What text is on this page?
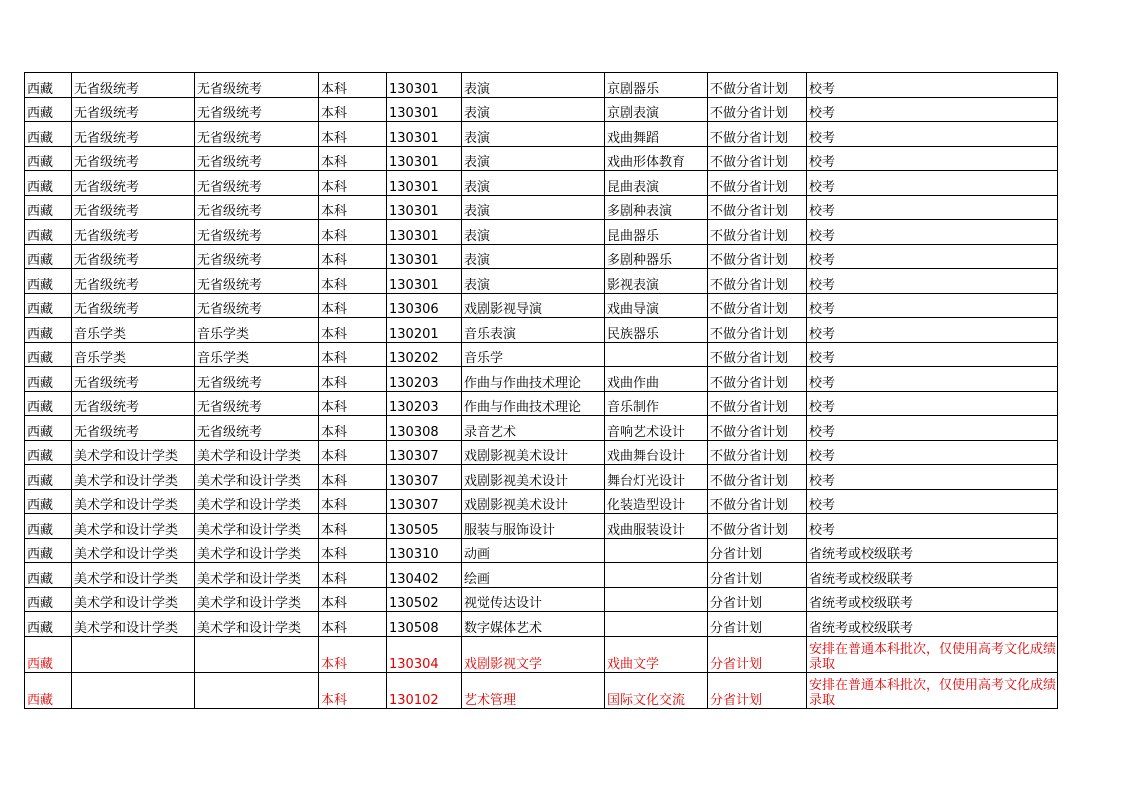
西藏	无省级统考	无省级统考	本科	130301	表演	京剧器乐	不做分省计划	校考
西藏	无省级统考	无省级统考	本科	130301	表演	京剧表演	不做分省计划	校考
西藏	无省级统考	无省级统考	本科	130301	表演	戏曲舞蹈	不做分省计划	校考
西藏	无省级统考	无省级统考	本科	130301	表演	戏曲形体教育	不做分省计划	校考
西藏	无省级统考	无省级统考	本科	130301	表演	昆曲表演	不做分省计划	校考
西藏	无省级统考	无省级统考	本科	130301	表演	多剧种表演	不做分省计划	校考
西藏	无省级统考	无省级统考	本科	130301	表演	昆曲器乐	不做分省计划	校考
西藏	无省级统考	无省级统考	本科	130301	表演	多剧种器乐	不做分省计划	校考
西藏	无省级统考	无省级统考	本科	130301	表演	影视表演	不做分省计划	校考
西藏	无省级统考	无省级统考	本科	130306	戏剧影视导演	戏曲导演	不做分省计划	校考
西藏	音乐学类	音乐学类	本科	130201	音乐表演	民族器乐	不做分省计划	校考
西藏	音乐学类	音乐学类	本科	130202	音乐学		不做分省计划	校考
西藏	无省级统考	无省级统考	本科	130203	作曲与作曲技术理论	戏曲作曲	不做分省计划	校考
西藏	无省级统考	无省级统考	本科	130203	作曲与作曲技术理论	音乐制作	不做分省计划	校考
西藏	无省级统考	无省级统考	本科	130308	录音艺术	音响艺术设计	不做分省计划	校考
西藏	美术学和设计学类	美术学和设计学类	本科	130307	戏剧影视美术设计	戏曲舞台设计	不做分省计划	校考
西藏	美术学和设计学类	美术学和设计学类	本科	130307	戏剧影视美术设计	舞台灯光设计	不做分省计划	校考
西藏	美术学和设计学类	美术学和设计学类	本科	130307	戏剧影视美术设计	化装造型设计	不做分省计划	校考
西藏	美术学和设计学类	美术学和设计学类	本科	130505	服装与服饰设计	戏曲服装设计	不做分省计划	校考
西藏	美术学和设计学类	美术学和设计学类	本科	130310	动画		分省计划	省统考或校级联考
西藏	美术学和设计学类	美术学和设计学类	本科	130402	绘画		分省计划	省统考或校级联考
西藏	美术学和设计学类	美术学和设计学类	本科	130502	视觉传达设计		分省计划	省统考或校级联考
西藏	美术学和设计学类	美术学和设计学类	本科	130508	数字媒体艺术		分省计划	省统考或校级联考
西藏			本科	130304	戏剧影视文学	戏曲文学	分省计划	安排在普通本科批次，仅使用高考文化成绩录取
西藏			本科	130102	艺术管理	国际文化交流	分省计划	安排在普通本科批次，仅使用高考文化成绩录取
